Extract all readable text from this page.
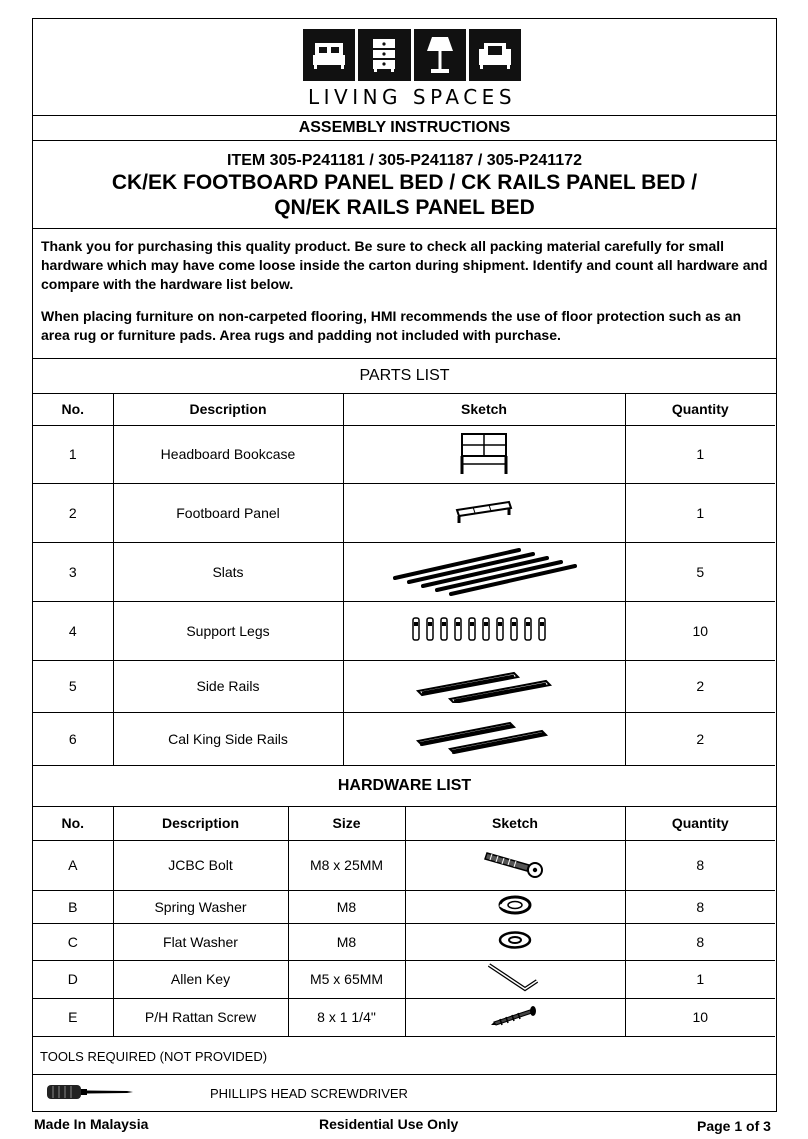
LIVING SPACES
ASSEMBLY INSTRUCTIONS
ITEM 305-P241181 / 305-P241187 / 305-P241172
CK/EK FOOTBOARD PANEL BED / CK RAILS PANEL BED /
QN/EK RAILS PANEL BED

Thank you for purchasing this quality product. Be sure to check all packing material carefully for small hardware which may have come loose inside the carton during shipment. Identify and count all hardware and compare with the hardware list below.

When placing furniture on non-carpeted flooring, HMI recommends the use of floor protection such as an area rug or furniture pads. Area rugs and padding not included with purchase.

PARTS LIST
No.	Description	Sketch	Quantity
1	Headboard Bookcase		1
2	Footboard Panel		1
3	Slats		5
4	Support Legs		10
5	Side Rails		2
6	Cal King Side Rails		2
HARDWARE LIST
No.	Description	Size	Sketch	Quantity
A	JCBC Bolt	M8 x 25MM		8
B	Spring Washer	M8		8
C	Flat Washer	M8		8
D	Allen Key	M5 x 65MM		1
E	P/H Rattan Screw	8 x 1 1/4"		10
TOOLS REQUIRED (NOT PROVIDED)
PHILLIPS HEAD SCREWDRIVER
Made In Malaysia	Residential Use Only	Page 1 of 3
